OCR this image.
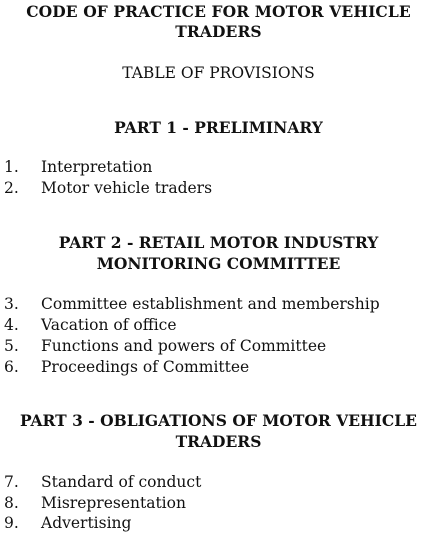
CODE OF PRACTICE FOR MOTOR VEHICLE
TRADERS
TABLE OF PROVISIONS
PART 1 - PRELIMINARY
1. Interpretation
2. Motor vehicle traders
PART 2 - RETAIL MOTOR INDUSTRY
MONITORING COMMITTEE
3. Committee establishment and membership
4. Vacation of office
5. Functions and powers of Committee
6. Proceedings of Committee
PART 3 - OBLIGATIONS OF MOTOR VEHICLE
TRADERS
7. Standard of conduct
8. Misrepresentation
9. Advertising
